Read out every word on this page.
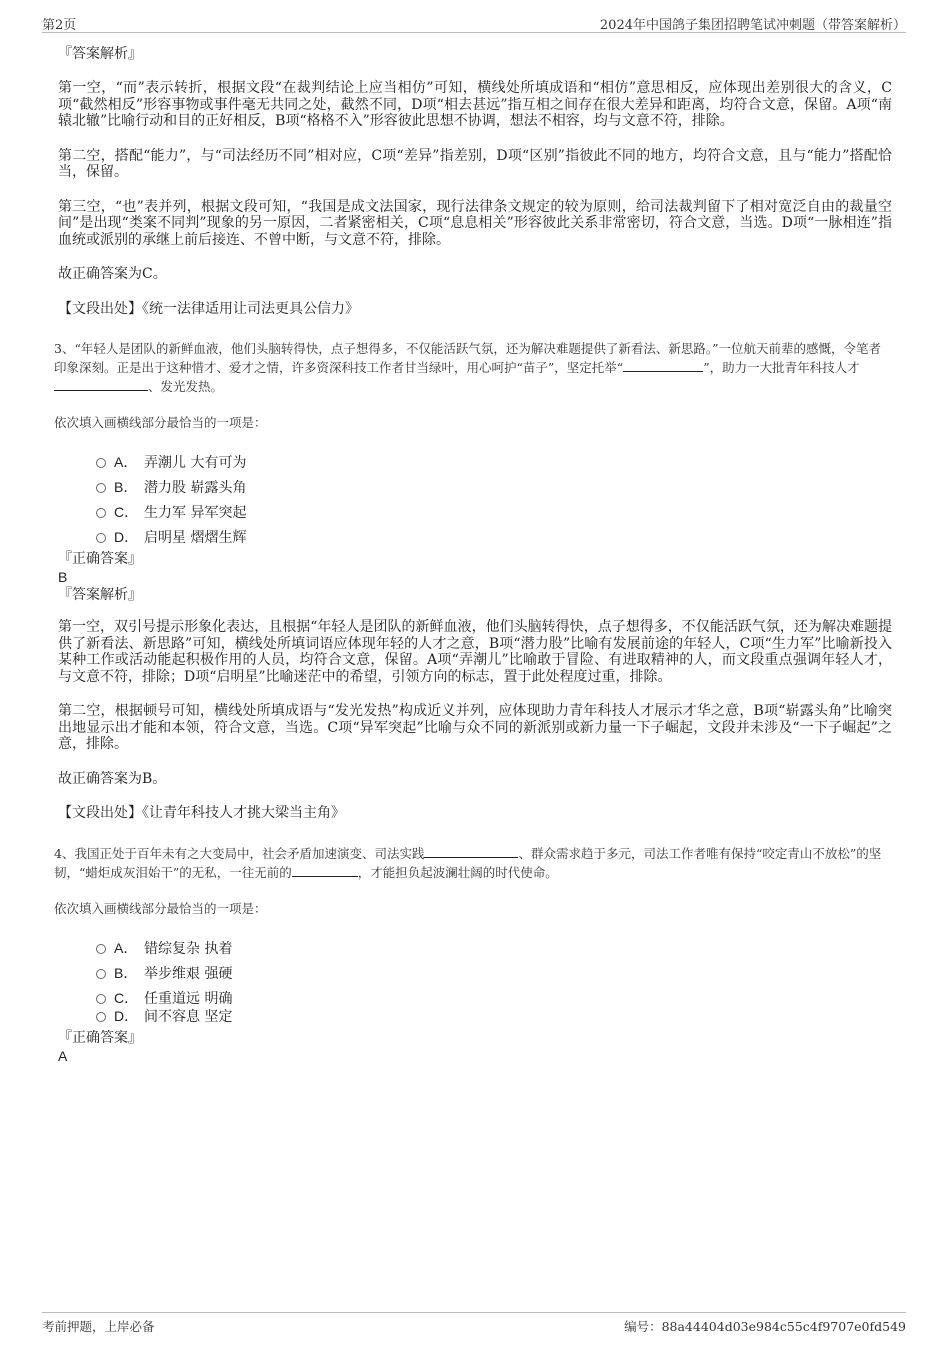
第2页	2024年中国鸽子集团招聘笔试冲刺题（带答案解析）

『答案解析』

第一空，“而”表示转折，根据文段“在裁判结论上应当相仿”可知，横线处所填成语和“相仿”意思相反，应体现出差别很大的含义，C项“截然相反”形容事物或事件毫无共同之处，截然不同，D项“相去甚远”指互相之间存在很大差异和距离，均符合文意，保留。A项“南辕北辙”比喻行动和目的正好相反，B项“格格不入”形容彼此思想不协调，想法不相容，均与文意不符，排除。

第二空，搭配“能力”，与“司法经历不同”相对应，C项“差异”指差别，D项“区别”指彼此不同的地方，均符合文意，且与“能力”搭配恰当，保留。

第三空，“也”表并列，根据文段可知，“我国是成文法国家，现行法律条文规定的较为原则，给司法裁判留下了相对宽泛自由的裁量空间”是出现“类案不同判”现象的另一原因，二者紧密相关，C项“息息相关”形容彼此关系非常密切，符合文意，当选。D项“一脉相连”指血统或派别的承继上前后接连、不曾中断，与文意不符，排除。

故正确答案为C。

【文段出处】《统一法律适用让司法更具公信力》

3、“年轻人是团队的新鲜血液，他们头脑转得快，点子想得多，不仅能活跃气氛，还为解决难题提供了新看法、新思路。”一位航天前辈的感慨，令笔者印象深刻。正是出于这种惜才、爱才之情，许多资深科技工作者甘当绿叶，用心呵护“苗子”，坚定托举“	”，助力一大批青年科技人才、发光发热。

依次填入画横线部分最恰当的一项是：

A． 弄潮儿 大有可为
B． 潜力股 崭露头角
C． 生力军 异军突起
D． 启明星 熠熠生辉

『正确答案』

B

『答案解析』

第一空，双引号提示形象化表达，且根据“年轻人是团队的新鲜血液，他们头脑转得快，点子想得多，不仅能活跃气氛，还为解决难题提供了新看法、新思路”可知，横线处所填词语应体现年轻的人才之意，B项“潜力股”比喻有发展前途的年轻人，C项“生力军”比喻新投入某种工作或活动能起积极作用的人员，均符合文意，保留。A项“弄潮儿”比喻敢于冒险、有进取精神的人，而文段重点强调年轻人才，与文意不符，排除；D项“启明星”比喻迷茫中的希望，引领方向的标志，置于此处程度过重，排除。

第二空，根据顿号可知，横线处所填成语与“发光发热”构成近义并列，应体现助力青年科技人才展示才华之意，B项“崭露头角”比喻突出地显示出才能和本领，符合文意，当选。C项“异军突起”比喻与众不同的新派别或新力量一下子崛起，文段并未涉及“一下子崛起”之意，排除。

故正确答案为B。

【文段出处】《让青年科技人才挑大梁当主角》

4、我国正处于百年未有之大变局中，社会矛盾加速演变、司法实践	、群众需求趋于多元，司法工作者唯有保持“咬定青山不放松”的坚韧，“蜡炬成灰泪始干”的无私，一往无前的	，才能担负起波澜壮阔的时代使命。

依次填入画横线部分最恰当的一项是：

A． 错综复杂 执着
B． 举步维艰 强硬
C． 任重道远 明确
D． 间不容息 坚定

『正确答案』

A

考前押题，上岸必备	编号：88a44404d03e984c55c4f9707e0fd549
